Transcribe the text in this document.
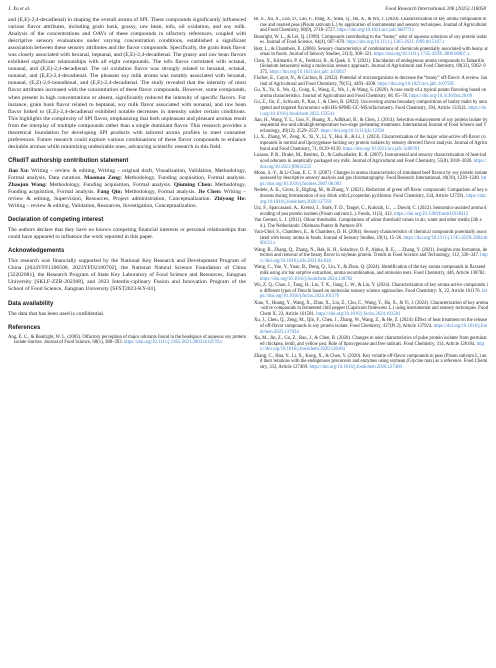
J. Xu et al.	Food Research International 206 (2025) 116058

and (E,E)-2,4-decadienal) in shaping the overall aroma of SPI. These compounds significantly influenced various flavor attributes, including grain husk, grassy, raw bean, tofu, oil oxidation, and soy milk. Analysis of the concentrations and OAVs of these compounds in olfactory references, coupled with descriptive sensory evaluations under varying concentration conditions, established a significant association between these sensory attributes and the flavor compounds. Specifically, the grain husk flavor was closely associated with hexanal, heptanal, and (E,E)-2,4-decadienal. The grassy and raw bean flavors exhibited significant relationships with all eight compounds. The tofu flavor correlated with octanal, nonanal, and (E,E)-2,4-decadienal. The oil oxidation flavor was strongly related to hexanal, octanal, nonanal, and (E,E)-2,4-decadienal. The pleasant soy milk aroma was notably associated with hexanal, nonanal, (E,Z)-2,6-nonadienal, and (E,E)-2,4-decadienal. The study revealed that the intensity of most flavor attributes increased with the concentration of these flavor compounds. However, some compounds, when present in high concentrations or absent, significantly reduced the intensity of specific flavors. For instance, grain husk flavor related to heptanal, soy milk flavor associated with nonanal, and raw bean flavor linked to (E,E)-2,4-decadienal exhibited notable decreases in intensity under certain conditions. This highlights the complexity of SPI flavor, emphasizing that both unpleasant and pleasant aromas result from the interplay of multiple compounds rather than a single dominant flavor. This research provides a theoretical foundation for developing SPI products with tailored aroma profiles to meet consumer preferences. Future research could explore various combinations of these flavor compounds to enhance desirable aromas while minimizing undesirable ones, advancing scientific research in this field.

CRediT authorship contribution statement

Jiao Xu: Writing – review & editing, Writing – original draft, Visualization, Validation, Methodology, Formal analysis, Data curation. Maomao Zeng: Methodology, Funding acquisition, Formal analysis. Zhaojun Wang: Methodology, Funding acquisition, Formal analysis. Qiuming Chen: Methodology, Funding acquisition, Formal analysis. Fang Qin: Methodology, Formal analysis. Jie Chen: Writing – review & editing, Supervision, Resources, Project administration, Conceptualization. Zhiyong He: Writing – review & editing, Validation, Resources, Investigation, Conceptualization.

Declaration of competing interest

The authors declare that they have no known competing financial interests or personal relationships that could have appeared to influence the work reported in this paper.

Acknowledgements

This research was financially supported by the National Key Research and Development Program of China [2024YFF1106500, 2023YFD2100702], the National Natural Science Foundation of China [32202081], the Research Program of State Key Laboratory of Food Science and Resources, Jiangnan University [SKLF-ZZB-202308], and 2023 Interdis-ciplinary Fusion and Innovation Program of the School of Food Science, Jiangnan University [SFST2023-KY-04].

Data availability

The data that has been used is confidential.

References

Ang, E. C., & Boatright, W. L. (2003). Olfactory perception of major odorants found in the headspace of aqueous soy protein isolate slurries. Journal of Food Science, 68(1), 388–393. https://doi.org/10.1111/j.1365-2621.2003.tb14170.x

Bi, S., Xu, X., Luo, D., Lao, F., Pang, X., Shen, Q., Hu, X., & Wu, J. (2020). Characterization of key aroma compounds in raw and roasted peas (Pisum sativum L.) by application of instrumental and sensory techniques. Journal of Agricultural and Food Chemistry, 68(9), 2718–2727. https://doi.org/10.1021/acs.jafc.9b07711

Boatright, W. L., & Lei, Q. (1999). Compounds contributing to the “beany” odor of aqueous solutions of soy protein isolates. Journal of Food Science, 64(4), 667–670. https://doi.org/10.1111/j.1365-2621.1999.tb15107.x

Bott, L., & Chambers, E. (2006). Sensory characteristics of combinations of chemicals potentially associated with beany aromas in foods. Journal of Sensory Studies, 21(3), 308–321. https://doi.org/10.1111/j.1745-459X.2006.00067.x

Chen, X., Kilmartin, P. A., Fedrizzi, B., & Quek, S. Y. (2021). Elucidation of endogenous aroma compounds in Tamarillo (Solanum betaceum) using a molecular sensory approach. Journal of Agricultural and Food Chemistry, 69(32), 9362–9375. https://doi.org/10.1021/acs.jafc.1c03027

Fischer, E., Cayot, N., & Cachon, R. (2022). Potential of microorganisms to decrease the “beany” off-flavor: A review. Journal of Agricultural and Food Chemistry, 70(15), 4493–4508. https://doi.org/10.1021/acs.jafc.1c07505

Gu, X., Yu, S., Wu, Q., Gong, S., Wang, Z., Wu, J., & Wang, S. (2020). A case study of a typical potato flavoring based on aroma characteristics. Journal of Agricultural and Food Chemistry, 68, 65–78. https://doi.org/10.3136/fstr.26.69

Gu, Z., Jin, Z., Schwarz, P., Rao, J., & Chen, B. (2022). Uncovering aroma boundary compositions of barley malts by untargeted and targeted flavoromics with HS-SPME-GC-MS/olfactometry. Food Chemistry, 394, Article 133541. https://doi.org/10.1016/j.foodchem.2022.133541

Jian, H., Wang, Y. L., Guo, F., Huang, X., Adhikari, B., & Chen, J. (2014). Selection enhancement of soy protein isolate by sequential low-and ultrahigh-temperature two-stage preheating treatments. International Journal of Food Science and Technology, 49(12), 2529–2537. https://doi.org/10.1111/ijfs.12594

Li, X., Zhang, W., Zeng, X., Xi, Y., Li, Y., Hui, B., & Li, J. (2023). Characterization of the major odor-active off-flavor compounds in normal and lipoxygenase-lacking soy protein isolates by sensory directed flavor analysis. Journal of Agricultural and Food Chemistry, 71, 8129–8139. https://doi.org/10.1021/acs.jafc.3c00761

Lozano, P. R., Drake, M., Benitez, D., & Cadwallader, K. R. (2007). Instrumental and sensory characterization of heat-induced odorants in aseptically packaged soy milk. Journal of Agricultural and Food Chemistry, 55(8), 3018–3026. https://doi.org/10.1021/jf0631225

Moon, S.-Y., & Li-Chan, E. C. Y. (2007). Changes in aroma characteristics of simulated beef flavour by soy protein isolate assessed by descriptive sensory analysis and gas chromatography. Food Research International, 40(10), 1239–1248. https://doi.org/10.1016/j.foodres.2007.08.003

Nedele, A. K., Gross, S., Rigling, M., & Zhang, Y. (2021). Reduction of green off-flavor compounds: Comparison of key odorants during fermentation of soy drink with Lycoperdon pyriforme. Food Chemistry, 334, Article 127591. https://doi.org/10.1016/j.foodchem.2020.127591

Utz, F., Spaccasassi, A., Kreissl, J., Stark, T. D., Tanger, C., Kulozik, U., ... Dawid, C. (2022). Sensomics-assisted aroma decoding of pea protein isolates (Pisum sativum L.). Foods, 11(3), 412. https://doi.org/10.3390/foods11030412

Van Gemert, L. J. (2011). Odour thresholds. Compilations of odour threshold values in air, water and other media (2th ed.). The Netherlands: Oliemans Punter & Partners BV.

Vara-Ubol, S., Chambers, E., & Chambers, D. H. (2004). Sensory characteristics of chemical compounds potentially associated with beany aroma in foods. Journal of Sensory Studies, 19(1), 15–26. https://doi.org/10.1111/j.1745-459X.2004.tb00133.x

Wang, B., Zhang, Q., Zhang, N., Bak, K. H., Soladoye, O. P., Aluko, R. E., ... Zhang, Y. (2021). Insights into formation, detection and removal of the beany flavor in soybean protein. Trends in Food Science and Technology, 112, 336–347. https://doi.org/10.1016/j.tifs.2021.04.018

Wang, C., Yue, Y., Yuan, B., Deng, Q., Liu, Y., & Zhou, Q. (2024). Identification of the key aroma compounds in flaxseed milk using stir bar sorptive extraction, aroma recombination, and omission tests. Food Chemistry, 446, Article 138782. https://doi.org/10.1016/j.foodchem.2024.138782

Wu, Z. Q., Chao, J., Tang, H., Liu, T. X., Jiang, L. W., & Liu, Y. (2024). Characterization of key aroma-active compounds in different types of Douchi based on molecular sensory science approaches. Food Chemistry: X, 22, Article 101176. https://doi.org/10.1016/j.fochx.2024.101176

Xiao, Y., Huang, Y., Wang, X., Zhao, X., Liu, Z., Chu, C., Wang, Y., Hu, X., & Yi, J. (2024). Characterization of key aroma-active compounds in fermented chili pepper (Capsicum frutescens L.) using instrumental and sensory techniques. Food Chem X, 23, Article 101581. https://doi.org/10.1016/j.fochx.2024.101581

Xu, J., Chen, Q., Zeng, M., Qin, F., Chen, J., Zhang, W., Wang, Z., & He, Z. (2024). Effect of heat treatment on the release of off-flavor compounds in soy protein isolate. Food Chemistry, 437(Pt 2), Article 137924. https://doi.org/10.1016/j.foodchem.2023.137924

Xu, M., Jin, Z., Gu, Z., Rao, J., & Chen, B. (2020). Changes in odor characteristics of pulse protein isolates from germinated chickpea, lentil, and yellow pea: Role of lipoxygenase and free radicals. Food Chemistry, 314, Article 126184. https://doi.org/10.1016/j.foodchem.2020.126184

Zhang, C., Hua, Y., Li, X., Kong, X., & Chen, Y. (2020). Key volatile off-flavor compounds in peas (Pisum sativum L.) and their relations with the endogenous precursors and enzymes using soybean (Glycine max) as a reference. Food Chemistry, 333, Article 127469. https://doi.org/10.1016/j.foodchem.2020.127469
